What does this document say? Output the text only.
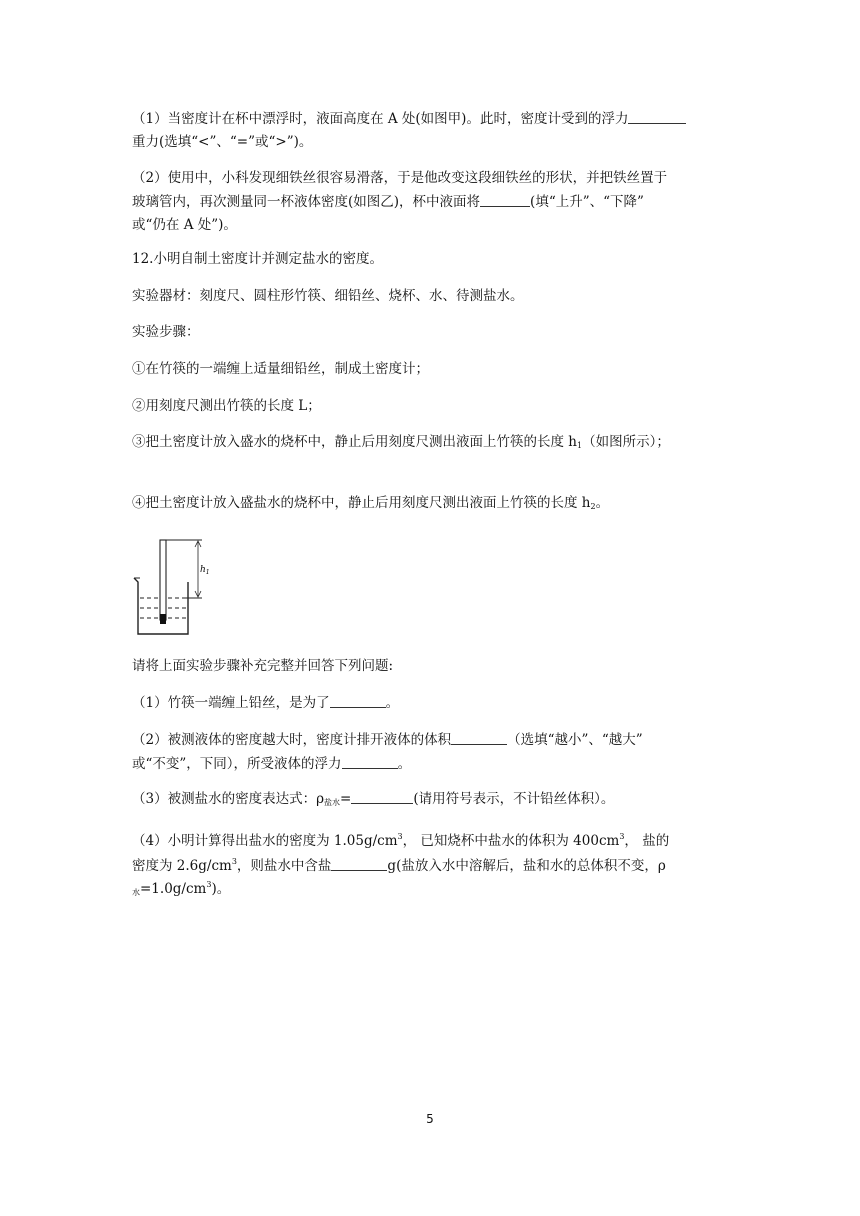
（1）当密度计在杯中漂浮时，液面高度在 A 处(如图甲)。此时，密度计受到的浮力
重力(选填“<”、“=”或“>”)。
（2）使用中，小科发现细铁丝很容易滑落，于是他改变这段细铁丝的形状，并把铁丝置于
玻璃管内，再次测量同一杯液体密度(如图乙)，杯中液面将	(填“上升”、“下降”
或“仍在 A 处”)。
12.小明自制土密度计并测定盐水的密度。
实验器材：刻度尺、圆柱形竹筷、细铅丝、烧杯、水、待测盐水。
实验步骤：
①在竹筷的一端缠上适量细铅丝，制成土密度计；
②用刻度尺测出竹筷的长度 L；
③把土密度计放入盛水的烧杯中，静止后用刻度尺测出液面上竹筷的长度 $h_1$（如图所示）；
④把土密度计放入盛盐水的烧杯中，静止后用刻度尺测出液面上竹筷的长度 $h_2$。
$h_1$
请将上面实验步骤补充完整并回答下列问题:
（1）竹筷一端缠上铅丝，是为了	。
（2）被测液体的密度越大时，密度计排开液体的体积	（选填“越小”、“越大”
或“不变”，下同），所受液体的浮力	。
（3）被测盐水的密度表达式：$\rho_{盐水}=$	(请用符号表示，不计铅丝体积）。
（4）小明计算得出盐水的密度为 $1.05g/cm^3$， 已知烧杯中盐水的体积为 $400cm^3$， 盐的
密度为 $2.6g/cm^3$，则盐水中含盐	g(盐放入水中溶解后，盐和水的总体积不变，ρ
$_水=1.0g/cm^3$)。
5
